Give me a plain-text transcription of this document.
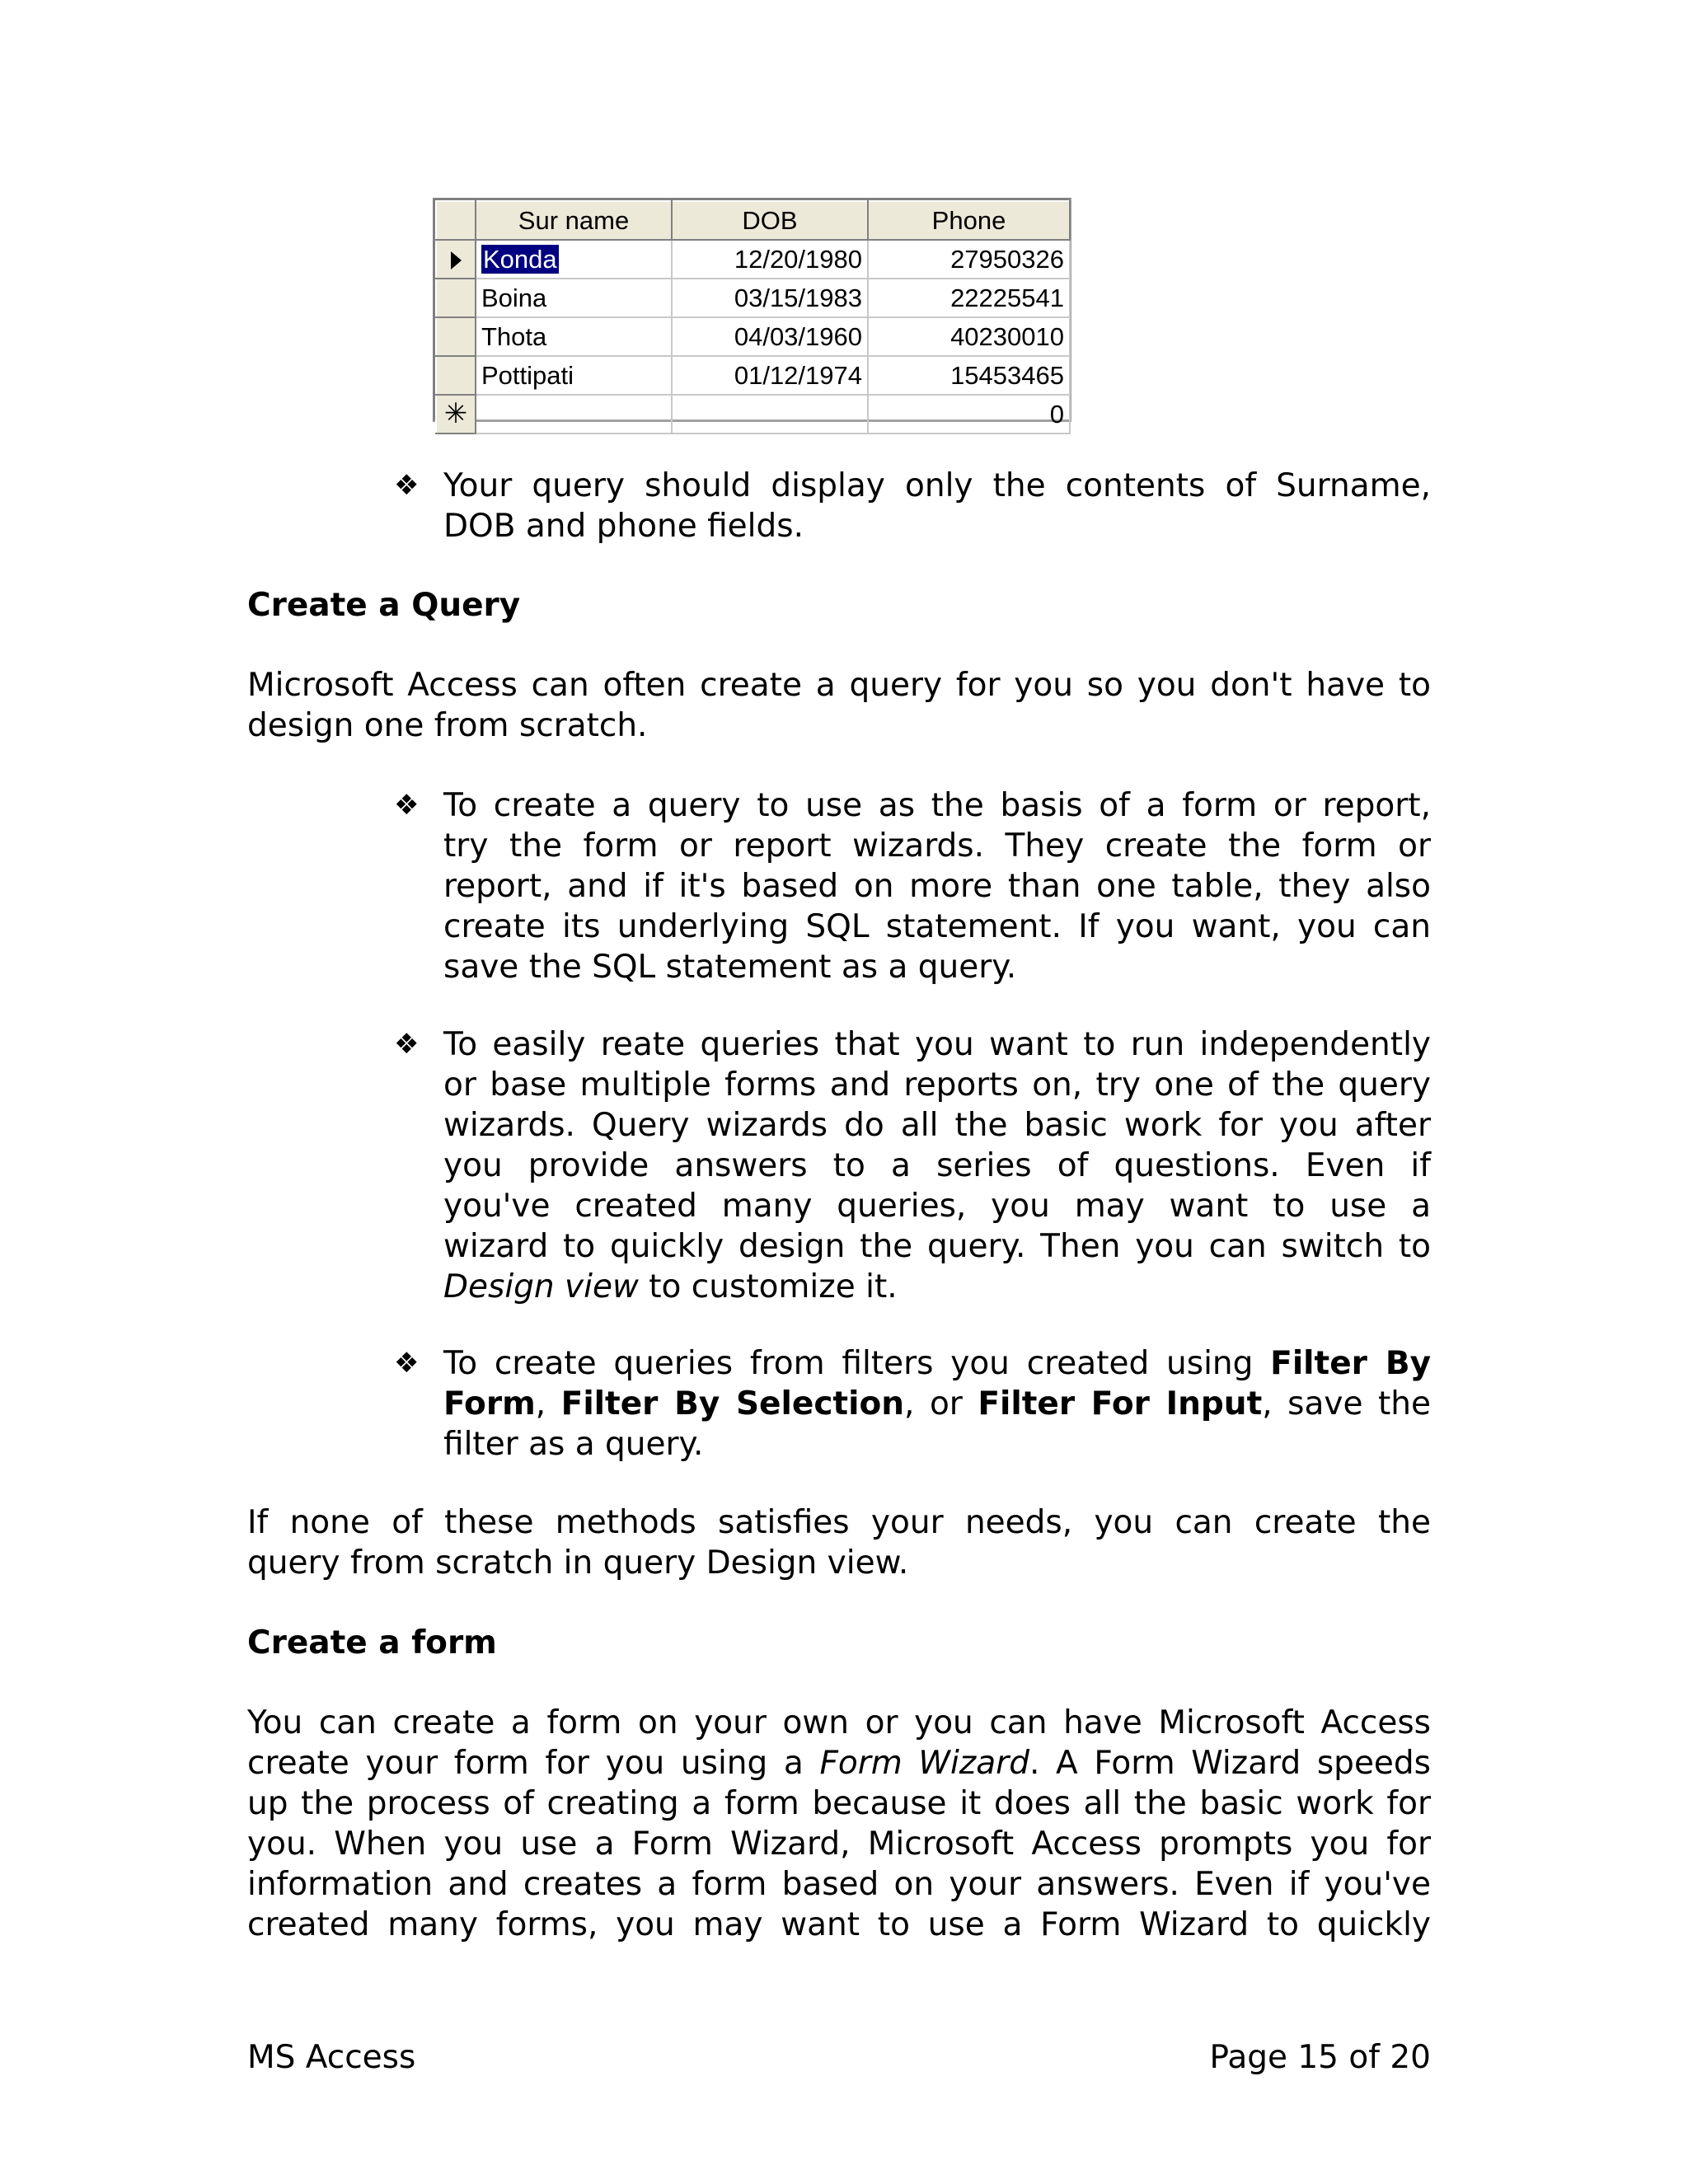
	Sur name	DOB	Phone
	Konda	12/20/1980	27950326
	Boina	03/15/1983	22225541
	Thota	04/03/1960	40230010
	Pottipati	01/12/1974	15453465
✳			0
❖ Your query should display only the contents of Surname,
DOB and phone fields.
Create a Query
Microsoft Access can often create a query for you so you don't have to
design one from scratch.
❖ To create a query to use as the basis of a form or report,
try the form or report wizards. They create the form or
report, and if it's based on more than one table, they also
create its underlying SQL statement. If you want, you can
save the SQL statement as a query.
❖ To easily reate queries that you want to run independently
or base multiple forms and reports on, try one of the query
wizards. Query wizards do all the basic work for you after
you provide answers to a series of questions. Even if
you've created many queries, you may want to use a
wizard to quickly design the query. Then you can switch to
Design view to customize it.
❖ To create queries from filters you created using Filter By
Form, Filter By Selection, or Filter For Input, save the
filter as a query.
If none of these methods satisfies your needs, you can create the
query from scratch in query Design view.
Create a form
You can create a form on your own or you can have Microsoft Access
create your form for you using a Form Wizard. A Form Wizard speeds
up the process of creating a form because it does all the basic work for
you. When you use a Form Wizard, Microsoft Access prompts you for
information and creates a form based on your answers. Even if you've
created many forms, you may want to use a Form Wizard to quickly
MS Access	Page 15 of 20
